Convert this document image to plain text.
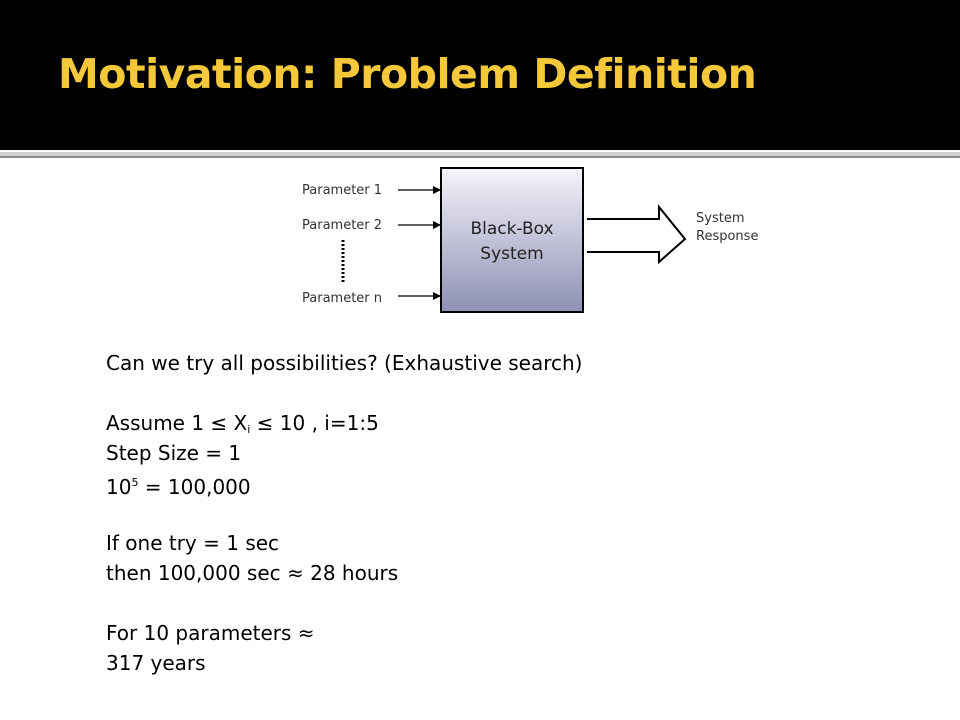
Motivation: Problem Definition
Parameter 1
Parameter 2
Parameter n
Black-Box
System
System
Response
Can we try all possibilities? (Exhaustive search)
Assume $1 \le X_i \le 10$ , i=1:5
Step Size = 1
$10^5 = 100,000$
If one try = 1 sec
then 100,000 sec ≈ 28 hours
For 10 parameters ≈
317 years
